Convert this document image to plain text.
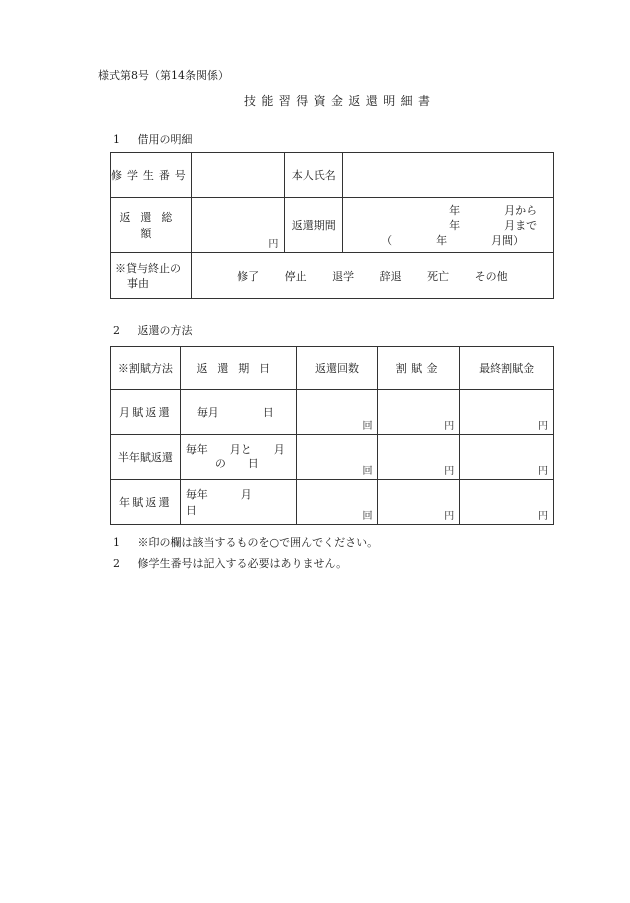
様式第8号（第14条関係）
技能習得資金返還明細書
1 借用の明細
修学生番号		本人氏名	
返還総額	円	返還期間	年　　　　月から
年　　　　月まで
（　　　　年　　　　月間）

※貸与終止の
事由	修了 停止 退学 辞退 死亡 その他		
2 返還の方法
※割賦方法	返還期日	返還回数	割賦金	最終割賦金
月賦返還	毎月　　　　日	回	円	円

半年賦返還	毎年　　月と　　月
の　　日	回	円	円

年賦返還	毎年　　　月　　　日	回	円	円
1 ※印の欄は該当するものを○で囲んでください。
2 修学生番号は記入する必要はありません。
